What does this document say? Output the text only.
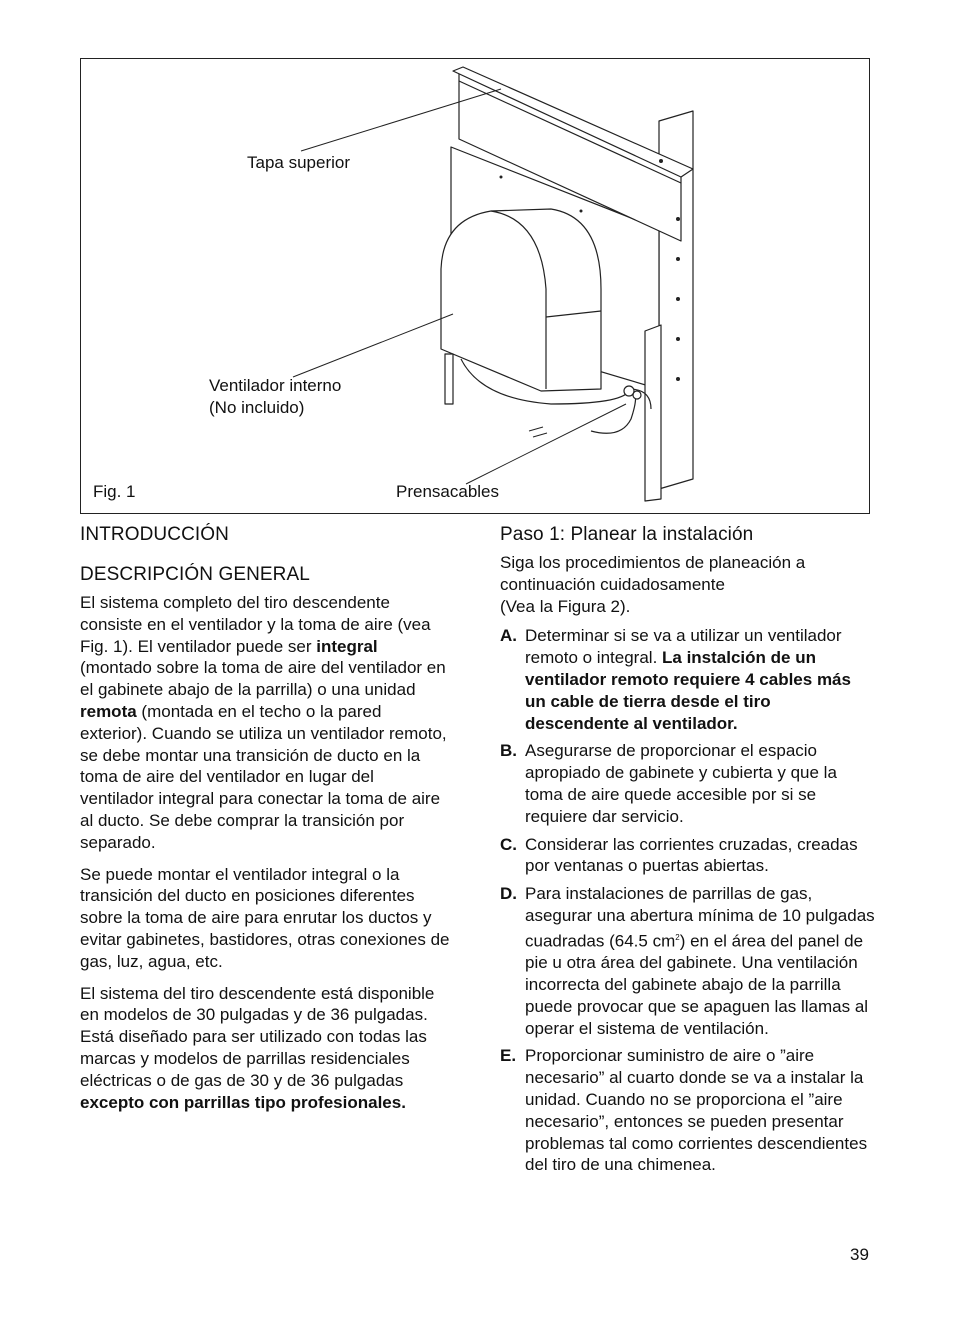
Tapa superior
Ventilador interno
(No incluido)
Fig. 1	Prensacables
INTRODUCCIÓN
DESCRIPCIÓN GENERAL

El sistema completo del tiro descendente consiste en el ventilador y la toma de aire (vea Fig. 1). El ventilador puede ser integral (montado sobre la toma de aire del ventilador en el gabinete abajo de la parrilla) o una unidad remota (montada en el techo o la pared exterior). Cuando se utiliza un ventilador remoto, se debe montar una transición de ducto en la toma de aire del ventilador en lugar del ventilador integral para conectar la toma de aire al ducto. Se debe comprar la transición por separado.

Se puede montar el ventilador integral o la transición del ducto en posiciones diferentes sobre la toma de aire para enrutar los ductos y evitar gabinetes, bastidores, otras conexiones de gas, luz, agua, etc.

El sistema del tiro descendente está disponible en modelos de 30 pulgadas y de 36 pulgadas. Está diseñado para ser utilizado con todas las marcas y modelos de parrillas residenciales eléctricas o de gas de 30 y de 36 pulgadas excepto con parrillas tipo profesionales.

Paso 1: Planear la instalación

Siga los procedimientos de planeación a continuación cuidadosamente

(Vea la Figura 2).

A. Determinar si se va a utilizar un ventilador remoto o integral. La instalción de un ventilador remoto requiere 4 cables más un cable de tierra desde el tiro descendente al ventilador.
B. Asegurarse de proporcionar el espacio apropiado de gabinete y cubierta y que la toma de aire quede accesible por si se requiere dar servicio.
C. Considerar las corrientes cruzadas, creadas por ventanas o puertas abiertas.
D. Para instalaciones de parrillas de gas, asegurar una abertura mínima de 10 pulgadas cuadradas (64.5 $cm^2$) en el área del panel de pie u otra área del gabinete. Una ventilación incorrecta del gabinete abajo de la parrilla puede provocar que se apaguen las llamas al operar el sistema de ventilación.
E. Proporcionar suministro de aire o ”aire necesario” al cuarto donde se va a instalar la unidad. Cuando no se proporciona el ”aire necesario”, entonces se pueden presentar problemas tal como corrientes descendientes del tiro de una chimenea.
39
